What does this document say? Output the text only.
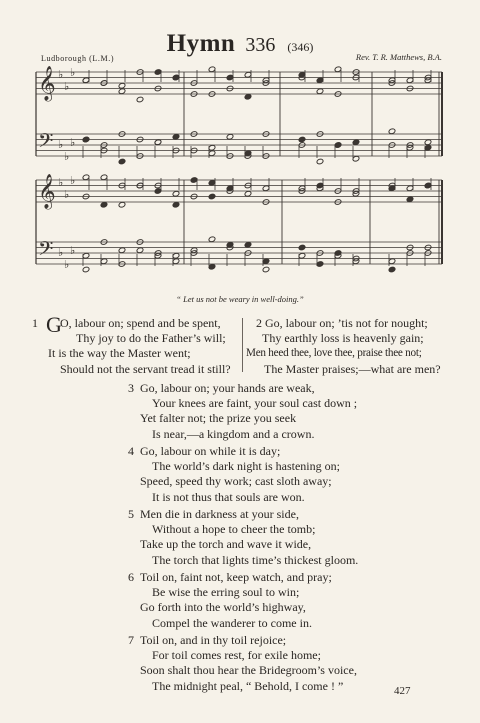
Hymn 336 (346)
Ludborough (L.M.)	Rev. T. R. Matthews, B.A.
𝄞 ♭
♭
♭
𝄢 ♭
♭
♭
𝄞 ♭
♭
♭
𝄢 ♭
♭
♭
“ Let us not be weary in well-doing.”
1 G
O, labour on; spend and be spent,
Thy joy to do the Father’s will;
It is the way the Master went;
Should not the servant tread it still?
2 Go, labour on; ’tis not for nought;
Thy earthly loss is heavenly gain;
Men heed thee, love thee, praise thee not;
The Master praises;—what are men?
3 Go, labour on; your hands are weak,
Your knees are faint, your soul cast down ;
Yet falter not; the prize you seek
Is near,—a kingdom and a crown.
4 Go, labour on while it is day;
The world’s dark night is hastening on;
Speed, speed thy work; cast sloth away;
It is not thus that souls are won.
5 Men die in darkness at your side,
Without a hope to cheer the tomb;
Take up the torch and wave it wide,
The torch that lights time’s thickest gloom.
6 Toil on, faint not, keep watch, and pray;
Be wise the erring soul to win;
Go forth into the world’s highway,
Compel the wanderer to come in.
7 Toil on, and in thy toil rejoice;
For toil comes rest, for exile home;
Soon shalt thou hear the Bridegroom’s voice,
The midnight peal, “ Behold, I come ! ”	427
